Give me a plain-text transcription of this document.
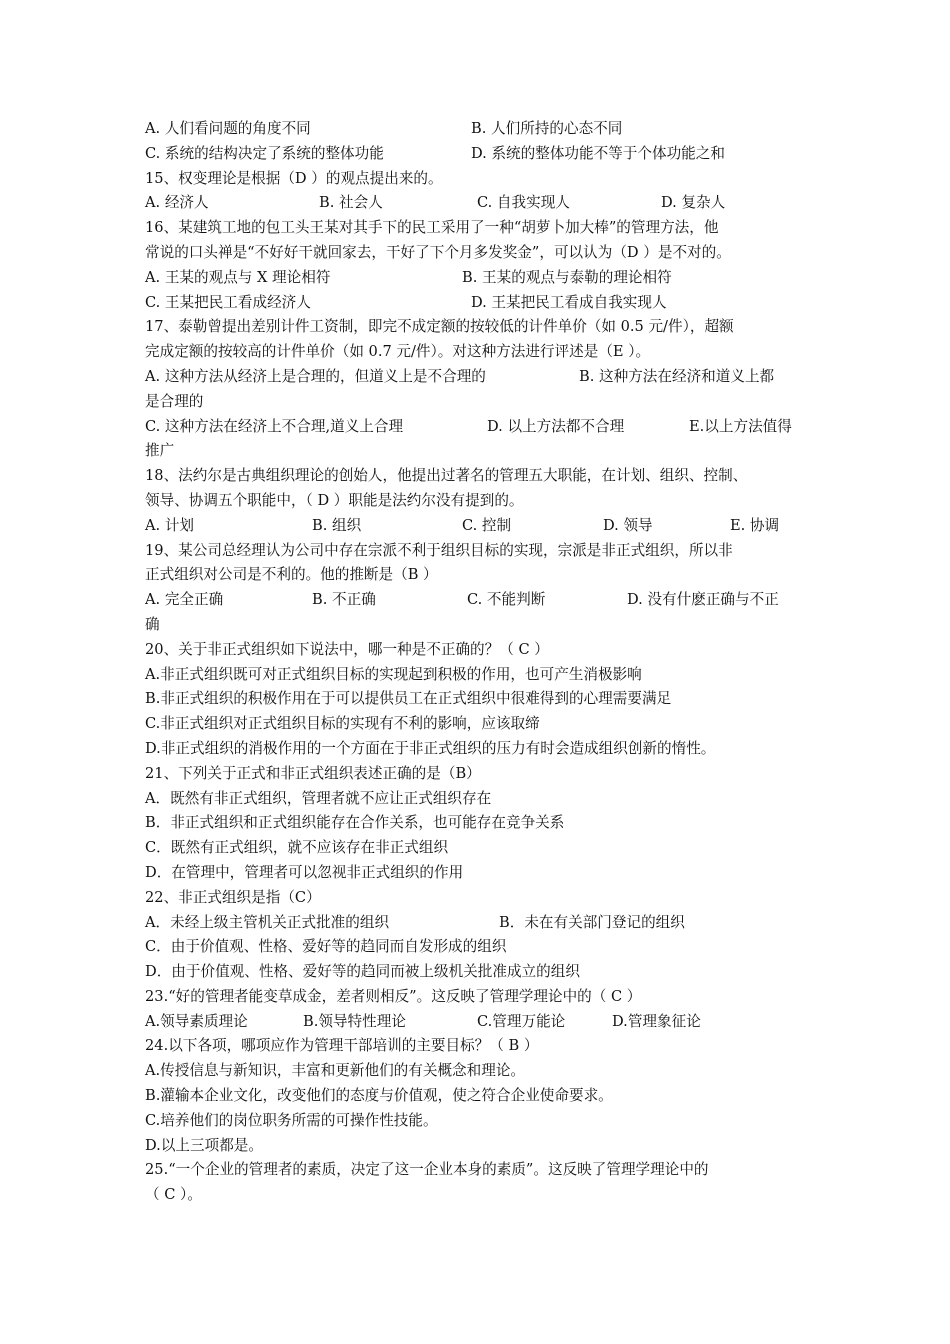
A. 人们看问题的角度不同	B. 人们所持的心态不同
C. 系统的结构决定了系统的整体功能	D. 系统的整体功能不等于个体功能之和
15、权变理论是根据（D ）的观点提出来的。
A. 经济人	B. 社会人	C. 自我实现人	D. 复杂人
16、某建筑工地的包工头王某对其手下的民工采用了一种“胡萝卜加大棒”的管理方法，他
常说的口头禅是“不好好干就回家去，干好了下个月多发奖金”，可以认为（D ）是不对的。
A. 王某的观点与 X 理论相符	B. 王某的观点与泰勒的理论相符
C. 王某把民工看成经济人	D. 王某把民工看成自我实现人
17、泰勒曾提出差别计件工资制，即完不成定额的按较低的计件单价（如 0.5 元/件），超额
完成定额的按较高的计件单价（如 0.7 元/件）。对这种方法进行评述是（E ）。
A. 这种方法从经济上是合理的，但道义上是不合理的	B. 这种方法在经济和道义上都
是合理的
C. 这种方法在经济上不合理,道义上合理	D. 以上方法都不合理	E.以上方法值得
推广
18、法约尔是古典组织理论的创始人，他提出过著名的管理五大职能，在计划、组织、控制、
领导、协调五个职能中，（ D ）职能是法约尔没有提到的。
A. 计划	B. 组织	C. 控制	D. 领导	E. 协调
19、某公司总经理认为公司中存在宗派不利于组织目标的实现，宗派是非正式组织，所以非
正式组织对公司是不利的。他的推断是（B ）
A. 完全正确	B. 不正确	C. 不能判断	D. 没有什麽正确与不正
确
20、关于非正式组织如下说法中，哪一种是不正确的？（ C ）
A.非正式组织既可对正式组织目标的实现起到积极的作用，也可产生消极影响
B.非正式组织的积极作用在于可以提供员工在正式组织中很难得到的心理需要满足
C.非正式组织对正式组织目标的实现有不利的影响，应该取缔
D.非正式组织的消极作用的一个方面在于非正式组织的压力有时会造成组织创新的惰性。
21、下列关于正式和非正式组织表述正确的是（B）
A．既然有非正式组织，管理者就不应让正式组织存在
B．非正式组织和正式组织能存在合作关系，也可能存在竞争关系
C．既然有正式组织，就不应该存在非正式组织
D．在管理中，管理者可以忽视非正式组织的作用
22、非正式组织是指（C）
A．未经上级主管机关正式批准的组织	B．未在有关部门登记的组织
C．由于价值观、性格、爱好等的趋同而自发形成的组织
D．由于价值观、性格、爱好等的趋同而被上级机关批准成立的组织
23.“好的管理者能变草成金，差者则相反”。这反映了管理学理论中的（ C ）
A.领导素质理论	B.领导特性理论	C.管理万能论	D.管理象征论
24.以下各项，哪项应作为管理干部培训的主要目标？（ B ）
A.传授信息与新知识，丰富和更新他们的有关概念和理论。
B.灌输本企业文化，改变他们的态度与价值观，使之符合企业使命要求。
C.培养他们的岗位职务所需的可操作性技能。
D.以上三项都是。
25.“一个企业的管理者的素质，决定了这一企业本身的素质”。这反映了管理学理论中的
（ C ）。
